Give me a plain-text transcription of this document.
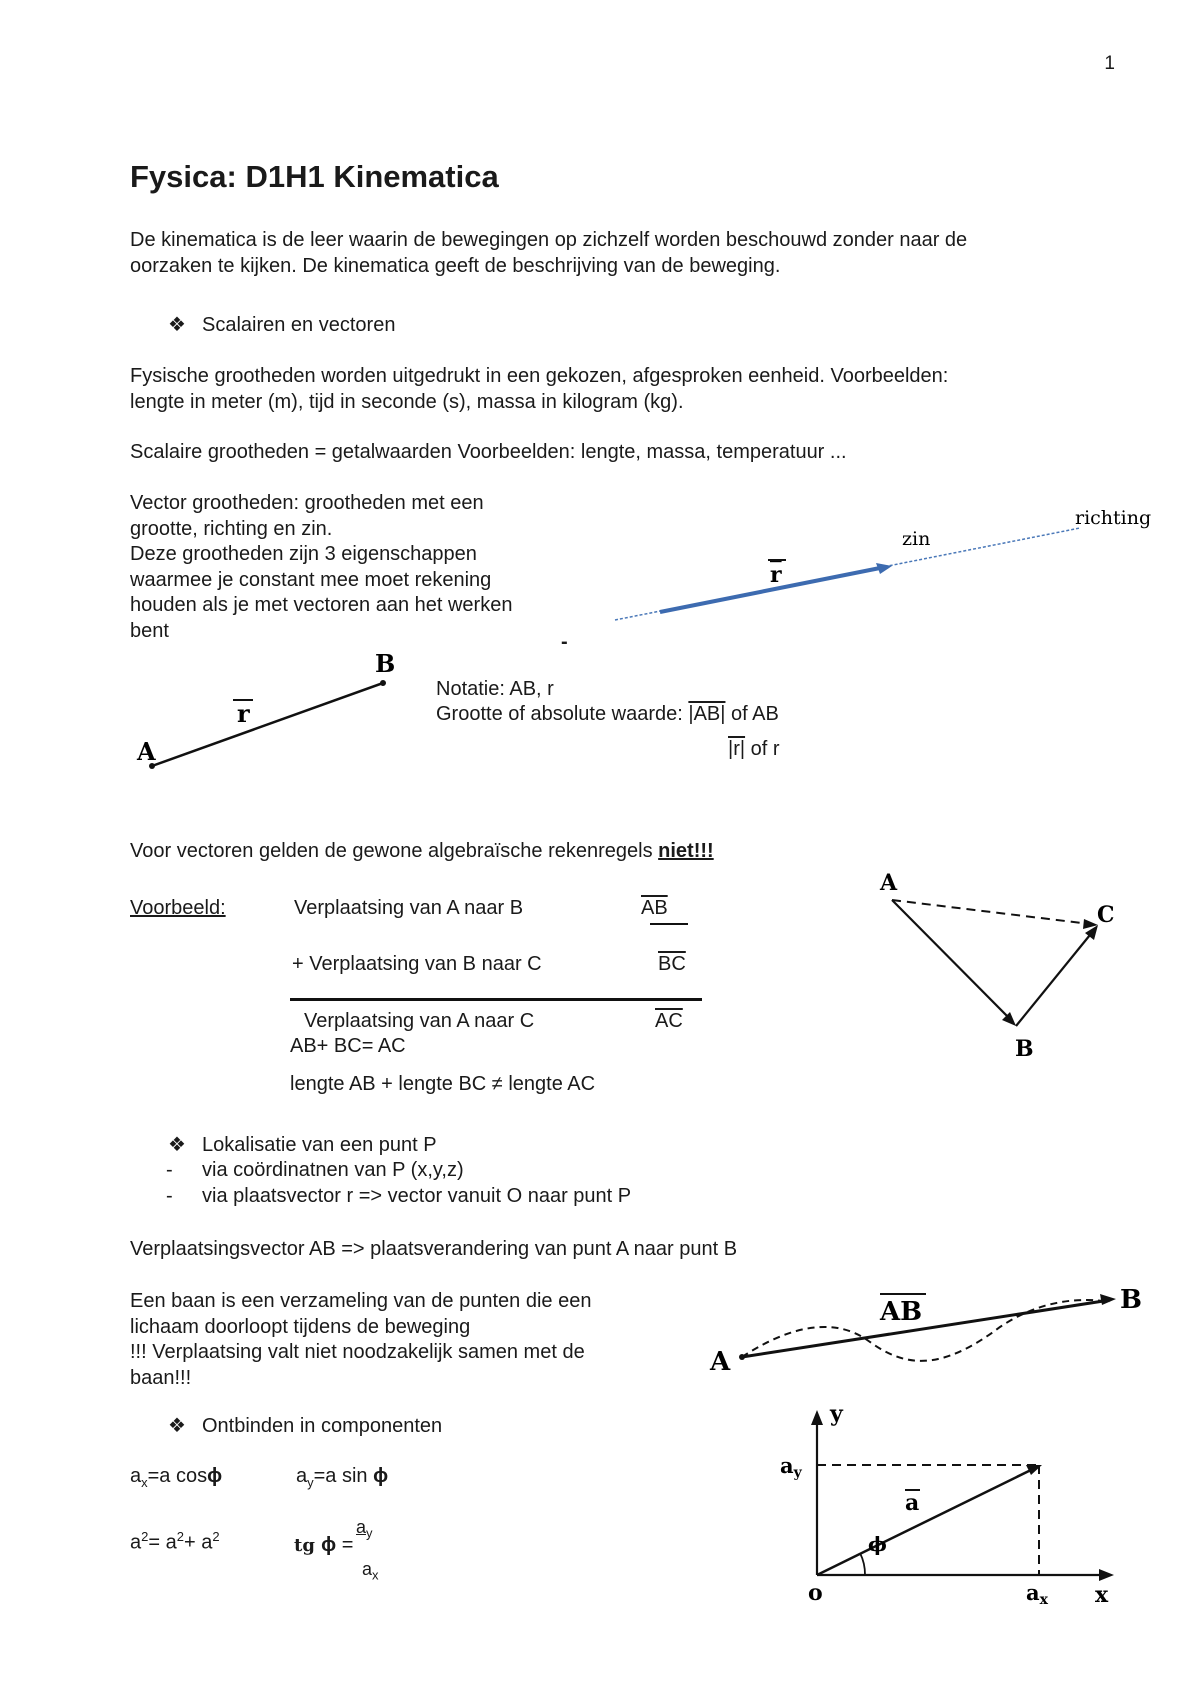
1
Fysica: D1H1 Kinematica
De kinematica is de leer waarin de bewegingen op zichzelf worden beschouwd zonder naar de
oorzaken te kijken. De kinematica geeft de beschrijving van de beweging.
❖ Scalairen en vectoren
Fysische grootheden worden uitgedrukt in een gekozen, afgesproken eenheid. Voorbeelden:
lengte in meter (m), tijd in seconde (s), massa in kilogram (kg).
Scalaire grootheden = getalwaarden Voorbeelden: lengte, massa, temperatuur ...
Vector grootheden: grootheden met een
grootte, richting en zin.
Deze grootheden zijn 3 eigenschappen
waarmee je constant mee moet rekening
houden als je met vectoren aan het werken
bent
r
zin
richting
A
B
r
-
Notatie: AB, r
Grootte of absolute waarde: |AB| of AB
|r| of r
Voor vectoren gelden de gewone algebraïsche rekenregels niet!!!
Voorbeeld:	Verplaatsing van A naar B	$\overline{AB}$
+ Verplaatsing van B naar C	$\overline{BC}$
Verplaatsing van A naar C	$\overline{AC}$
AB+ BC= AC
lengte AB + lengte BC ≠ lengte AC
A
B
C
❖ Lokalisatie van een punt P
- via coördinatnen van P (x,y,z)
- via plaatsvector r => vector vanuit O naar punt P
Verplaatsingsvector AB => plaatsverandering van punt A naar punt B
Een baan is een verzameling van de punten die een
lichaam doorloopt tijdens de beweging
!!! Verplaatsing valt niet noodzakelijk samen met de
baan!!!
A
B
AB
❖ Ontbinden in componenten
$a_x=a$ cosϕ	$a_y=a$ sin ϕ
$a^2= a^2+ a^2$	tg ϕ =
$a_y$
$a_x$
y
x
o
ay
ax
a
ϕ
